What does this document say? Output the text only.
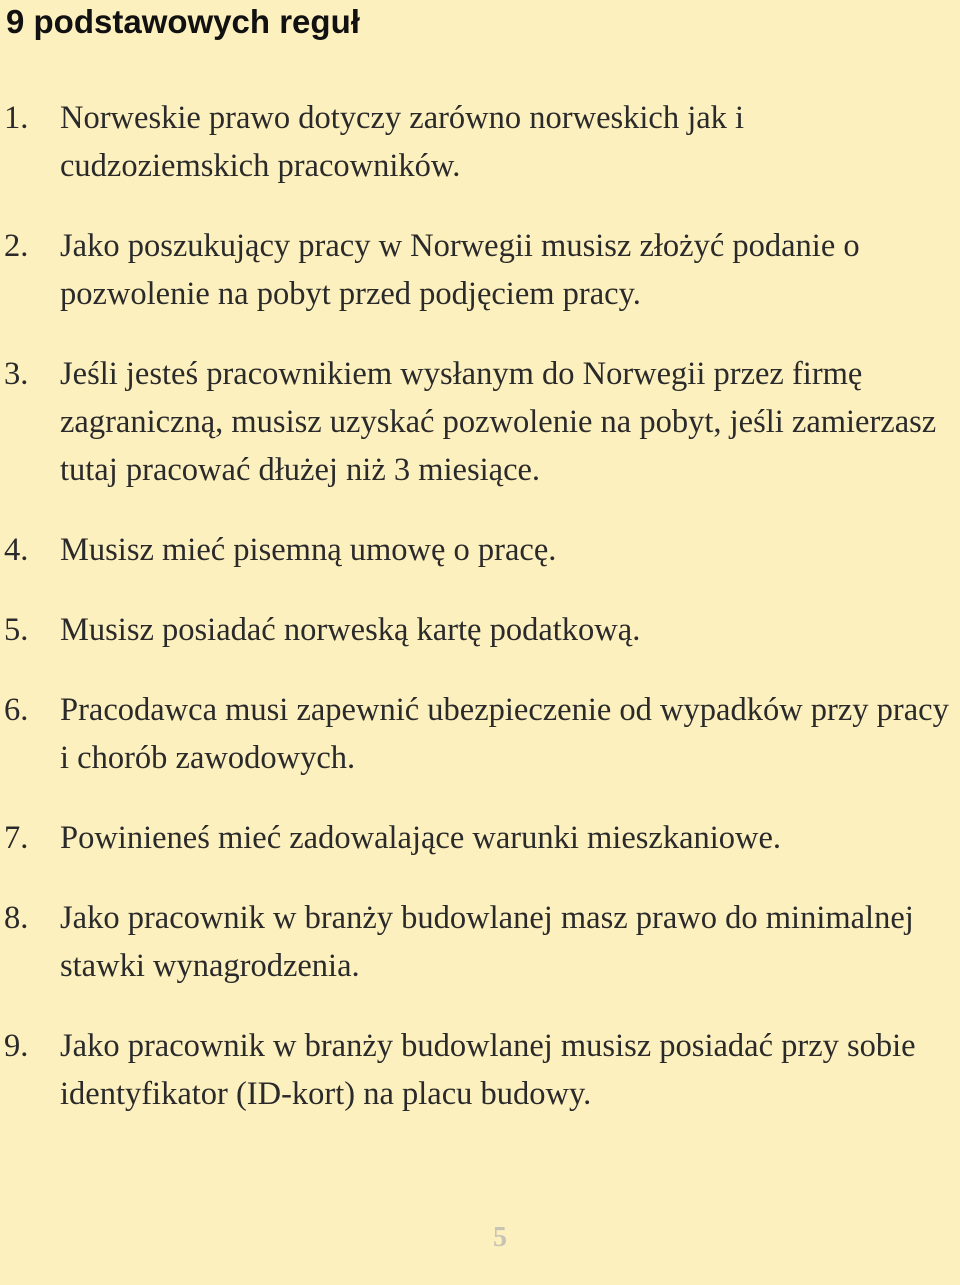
9 podstawowych reguł
1. Norweskie prawo dotyczy zarówno norweskich jak i cudzoziemskich pracowników.
2. Jako poszukujący pracy w Norwegii musisz złożyć podanie o pozwolenie na pobyt przed podjęciem pracy.
3. Jeśli jesteś pracownikiem wysłanym do Norwegii przez firmę zagraniczną, musisz uzyskać pozwolenie na pobyt, jeśli zamierzasz tutaj pracować dłużej niż 3 miesiące.
4. Musisz mieć pisemną umowę o pracę.
5. Musisz posiadać norweską kartę podatkową.
6. Pracodawca musi zapewnić ubezpieczenie od wypadków przy pracy i chorób zawodowych.
7. Powinieneś mieć zadowalające warunki mieszkaniowe.
8. Jako pracownik w branży budowlanej masz prawo do minimalnej stawki wynagrodzenia.
9. Jako pracownik w branży budowlanej musisz posiadać przy sobie identyfikator (ID-kort) na placu budowy.
5
